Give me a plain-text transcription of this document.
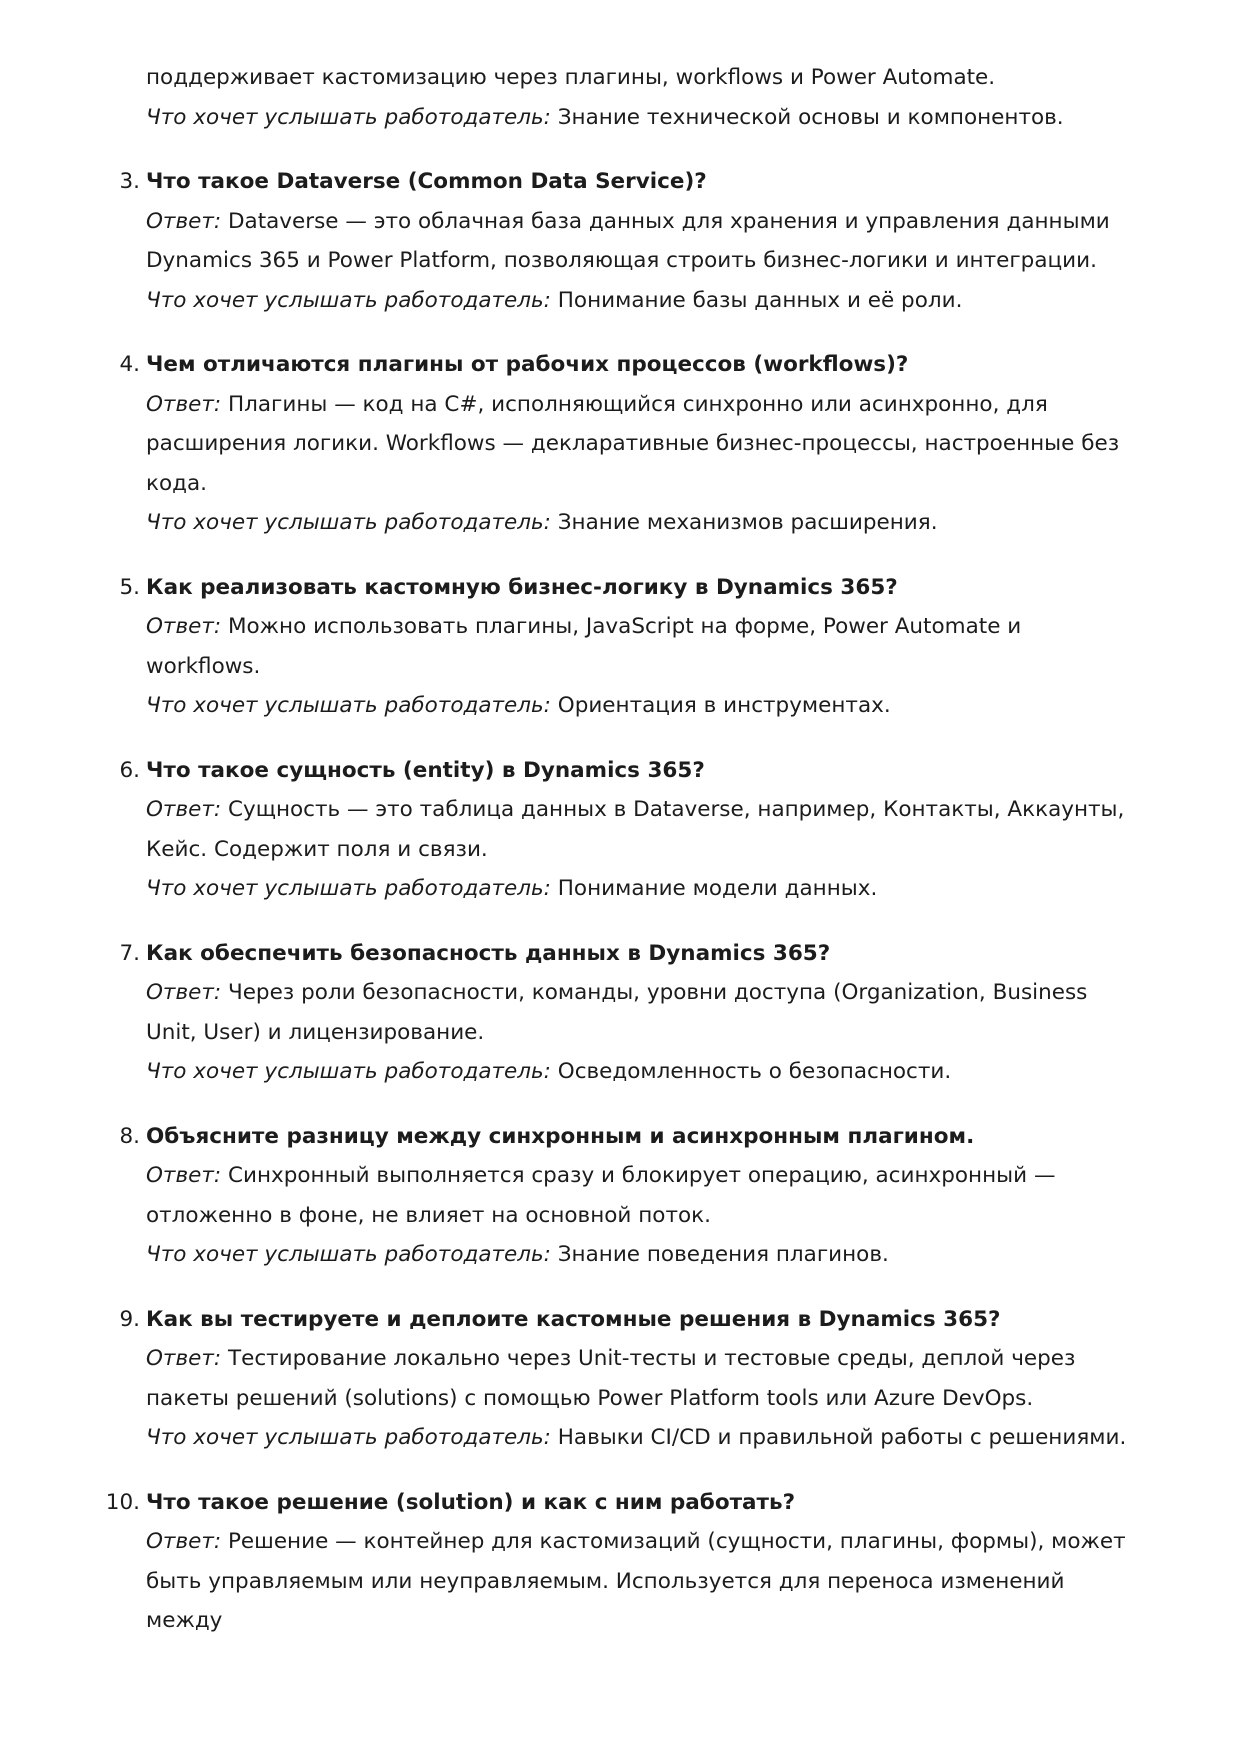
поддерживает кастомизацию через плагины, workflows и Power Automate.

Что хочет услышать работодатель: Знание технической основы и компонентов.

3. Что такое Dataverse (Common Data Service)?

Ответ: Dataverse — это облачная база данных для хранения и управления данными Dynamics 365 и Power Platform, позволяющая строить бизнес-логики и интеграции.

Что хочет услышать работодатель: Понимание базы данных и её роли.

4. Чем отличаются плагины от рабочих процессов (workflows)?

Ответ: Плагины — код на C#, исполняющийся синхронно или асинхронно, для расширения логики. Workflows — декларативные бизнес-процессы, настроенные без кода.

Что хочет услышать работодатель: Знание механизмов расширения.

5. Как реализовать кастомную бизнес-логику в Dynamics 365?

Ответ: Можно использовать плагины, JavaScript на форме, Power Automate и workflows.

Что хочет услышать работодатель: Ориентация в инструментах.

6. Что такое сущность (entity) в Dynamics 365?

Ответ: Сущность — это таблица данных в Dataverse, например, Контакты, Аккаунты, Кейс. Содержит поля и связи.

Что хочет услышать работодатель: Понимание модели данных.

7. Как обеспечить безопасность данных в Dynamics 365?

Ответ: Через роли безопасности, команды, уровни доступа (Organization, Business Unit, User) и лицензирование.

Что хочет услышать работодатель: Осведомленность о безопасности.

8. Объясните разницу между синхронным и асинхронным плагином.

Ответ: Синхронный выполняется сразу и блокирует операцию, асинхронный — отложенно в фоне, не влияет на основной поток.

Что хочет услышать работодатель: Знание поведения плагинов.

9. Как вы тестируете и деплоите кастомные решения в Dynamics 365?

Ответ: Тестирование локально через Unit-тесты и тестовые среды, деплой через пакеты решений (solutions) с помощью Power Platform tools или Azure DevOps.

Что хочет услышать работодатель: Навыки CI/CD и правильной работы с решениями.

10. Что такое решение (solution) и как с ним работать?

Ответ: Решение — контейнер для кастомизаций (сущности, плагины, формы), может быть управляемым или неуправляемым. Используется для переноса изменений между
